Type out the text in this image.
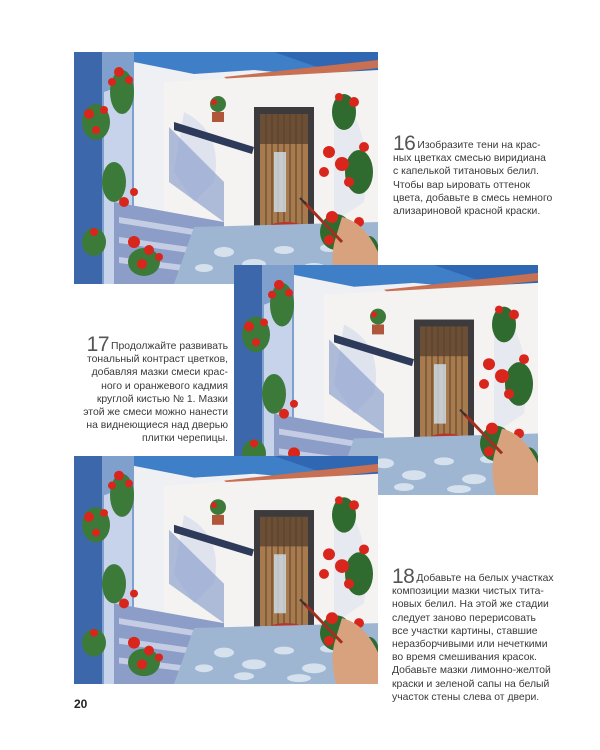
16 Изобразите тени на крас-
ных цветках смесью виридиана
с капелькой титановых белил.
Чтобы вар ьировать оттенок
цвета, добавьте в смесь немного
ализариновой красной краски.
17 Продолжайте развивать
тональный контраст цветков,
добавляя мазки смеси крас-
ного и оранжевого кадмия
круглой кистью № 1. Мазки
этой же смеси можно нанести
на виднеющиеся над дверью
плитки черепицы.
18 Добавьте на белых участках
композиции мазки чистых тита-
новых белил. На этой же стадии
следует заново перерисовать
все участки картины, ставшие
неразборчивыми или нечеткими
во время смешивания красок.
Добавьте мазки лимонно-желтой
краски и зеленой сапы на белый
участок стены слева от двери.
20
